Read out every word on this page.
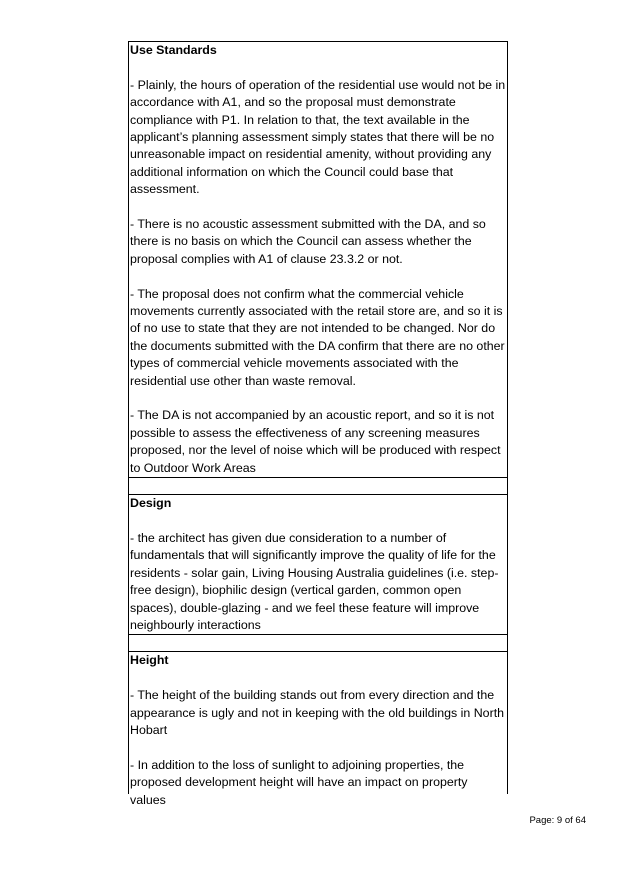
Use Standards

- Plainly, the hours of operation of the residential use would not be in accordance with A1, and so the proposal must demonstrate compliance with P1. In relation to that, the text available in the applicant’s planning assessment simply states that there will be no unreasonable impact on residential amenity, without providing any additional information on which the Council could base that assessment.

- There is no acoustic assessment submitted with the DA, and so there is no basis on which the Council can assess whether the proposal complies with A1 of clause 23.3.2 or not.

- The proposal does not confirm what the commercial vehicle movements currently associated with the retail store are, and so it is of no use to state that they are not intended to be changed. Nor do the documents submitted with the DA confirm that there are no other types of commercial vehicle movements associated with the residential use other than waste removal.

- The DA is not accompanied by an acoustic report, and so it is not possible to assess the effectiveness of any screening measures proposed, nor the level of noise which will be produced with respect to Outdoor Work Areas

Design

- the architect has given due consideration to a number of fundamentals that will significantly improve the quality of life for the residents - solar gain, Living Housing Australia guidelines (i.e. step-free design), biophilic design (vertical garden, common open spaces), double-glazing - and we feel these feature will improve neighbourly interactions

Height

- The height of the building stands out from every direction and the appearance is ugly and not in keeping with the old buildings in North Hobart

- In addition to the loss of sunlight to adjoining properties, the proposed development height will have an impact on property values

Page: 9 of 64
